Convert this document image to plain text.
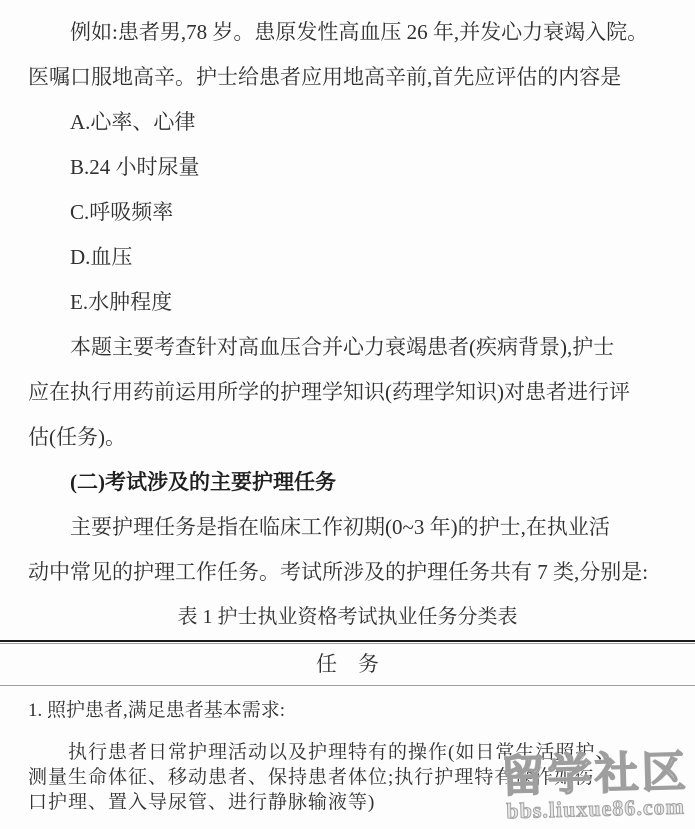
例如:患者男,78 岁。患原发性高血压 26 年,并发心力衰竭入院。
医嘱口服地高辛。护士给患者应用地高辛前,首先应评估的内容是
A.心率、心律
B.24 小时尿量
C.呼吸频率
D.血压
E.水肿程度
本题主要考查针对高血压合并心力衰竭患者(疾病背景),护士
应在执行用药前运用所学的护理学知识(药理学知识)对患者进行评
估(任务)。
(二)考试涉及的主要护理任务
主要护理任务是指在临床工作初期(0~3 年)的护士,在执业活
动中常见的护理工作任务。考试所涉及的护理任务共有 7 类,分别是:
表 1 护士执业资格考试执业任务分类表
任　务
1. 照护患者,满足患者基本需求:
执行患者日常护理活动以及护理特有的操作(如日常生活照护、
测量生命体征、移动患者、保持患者体位;执行护理特有操作如伤
口护理、置入导尿管、进行静脉输液等)
留学社区
bbs.liuxue86.com
